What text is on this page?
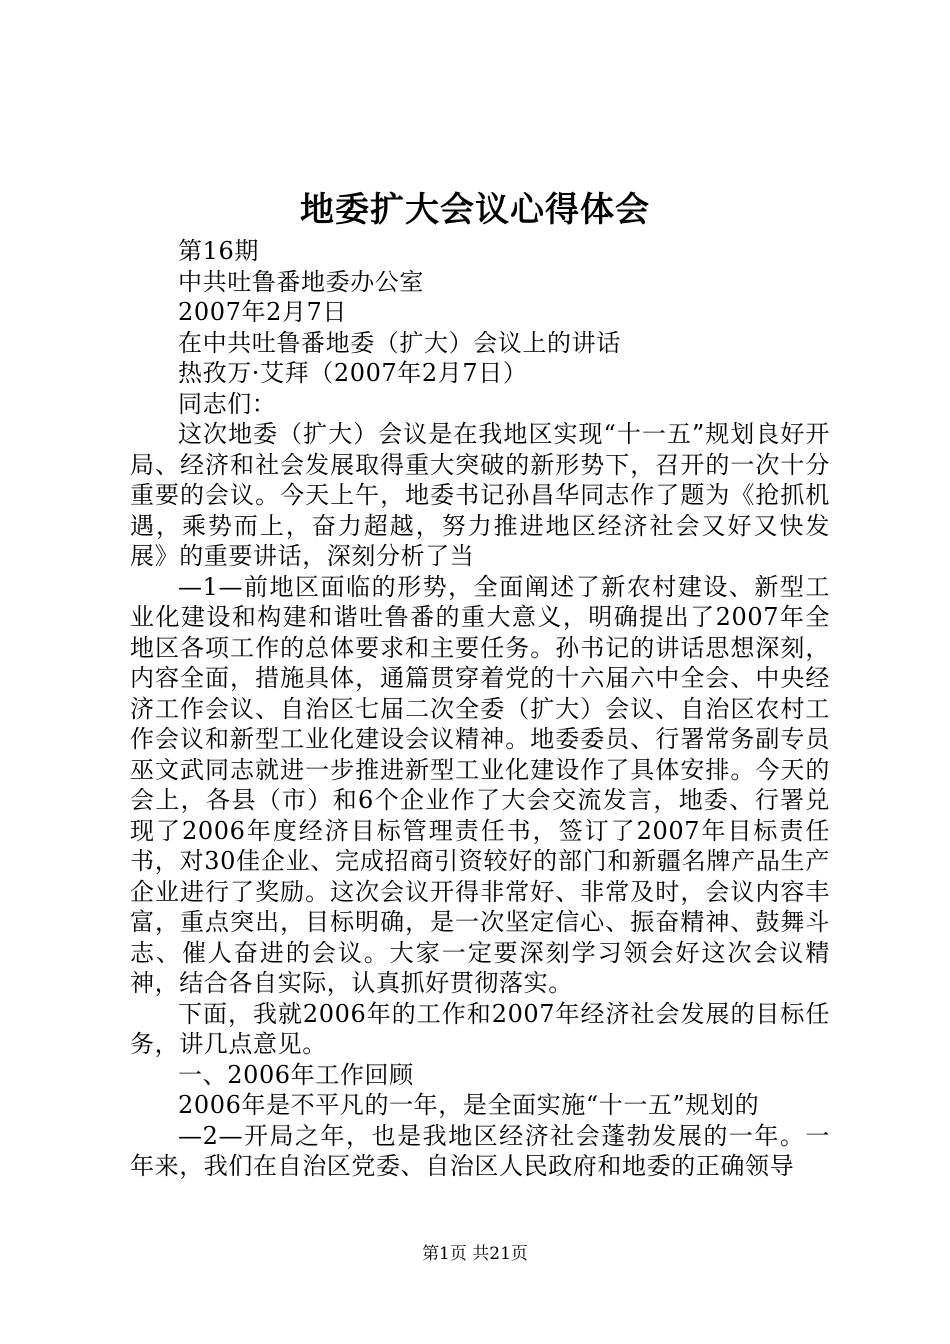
地委扩大会议心得体会

第16期

中共吐鲁番地委办公室

2007年2月7日

在中共吐鲁番地委（扩大）会议上的讲话

热孜万·艾拜（2007年2月7日）

同志们：

这次地委（扩大）会议是在我地区实现“十一五”规划良好开局、经济和社会发展取得重大突破的新形势下，召开的一次十分重要的会议。今天上午，地委书记孙昌华同志作了题为《抢抓机遇，乘势而上，奋力超越，努力推进地区经济社会又好又快发展》的重要讲话，深刻分析了当

—1—前地区面临的形势，全面阐述了新农村建设、新型工业化建设和构建和谐吐鲁番的重大意义，明确提出了2007年全地区各项工作的总体要求和主要任务。孙书记的讲话思想深刻，内容全面，措施具体，通篇贯穿着党的十六届六中全会、中央经济工作会议、自治区七届二次全委（扩大）会议、自治区农村工作会议和新型工业化建设会议精神。地委委员、行署常务副专员巫文武同志就进一步推进新型工业化建设作了具体安排。今天的会上，各县（市）和6个企业作了大会交流发言，地委、行署兑现了2006年度经济目标管理责任书，签订了2007年目标责任书，对30佳企业、完成招商引资较好的部门和新疆名牌产品生产企业进行了奖励。这次会议开得非常好、非常及时，会议内容丰富，重点突出，目标明确，是一次坚定信心、振奋精神、鼓舞斗志、催人奋进的会议。大家一定要深刻学习领会好这次会议精神，结合各自实际，认真抓好贯彻落实。

下面，我就2006年的工作和2007年经济社会发展的目标任务，讲几点意见。

一、2006年工作回顾

2006年是不平凡的一年，是全面实施“十一五”规划的

—2—开局之年，也是我地区经济社会蓬勃发展的一年。一年来，我们在自治区党委、自治区人民政府和地委的正确领导

第1页 共21页
